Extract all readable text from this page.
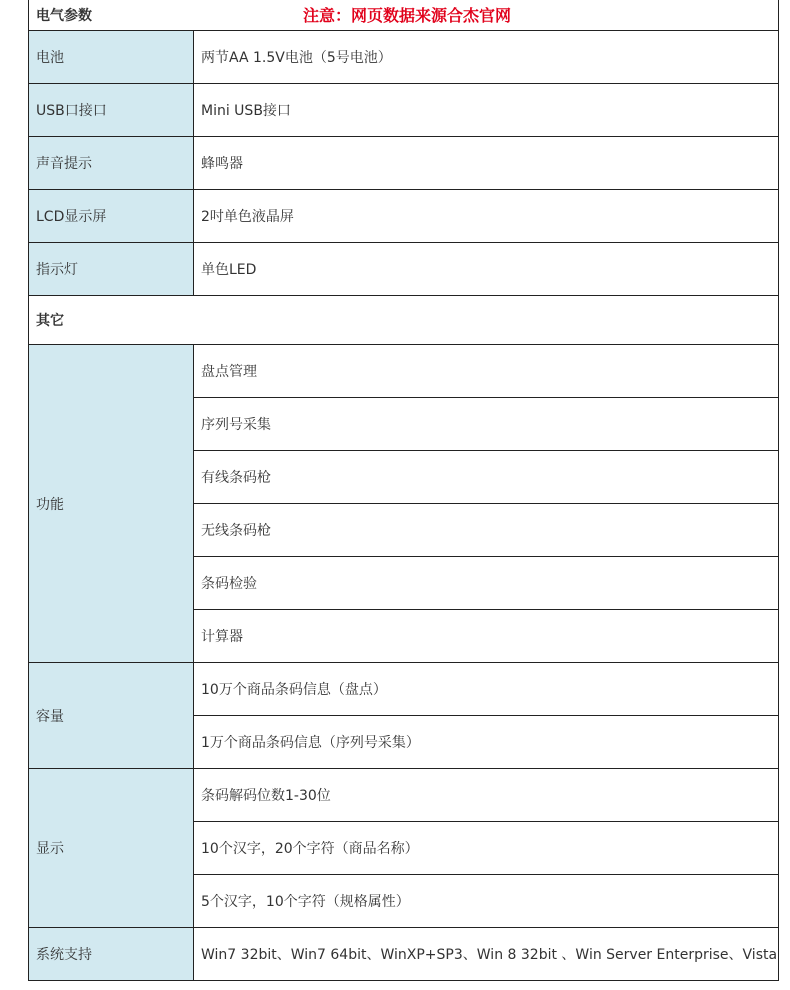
电气参数	
电池	两节AA 1.5V电池（5号电池）
USB口接口	Mini USB接口
声音提示	蜂鸣器
LCD显示屏	2吋单色液晶屏
指示灯	单色LED
其它	
功能	盘点管理
	序列号采集
	有线条码枪
	无线条码枪
	条码检验
	计算器
容量	10万个商品条码信息（盘点）
	1万个商品条码信息（序列号采集）
显示	条码解码位数1-30位
	10个汉字，20个字符（商品名称）
	5个汉字，10个字符（规格属性）
系统支持	Win7 32bit、Win7 64bit、WinXP+SP3、Win 8 32bit 、Win Server Enterprise、Vista
注意：网页数据来源合杰官网
